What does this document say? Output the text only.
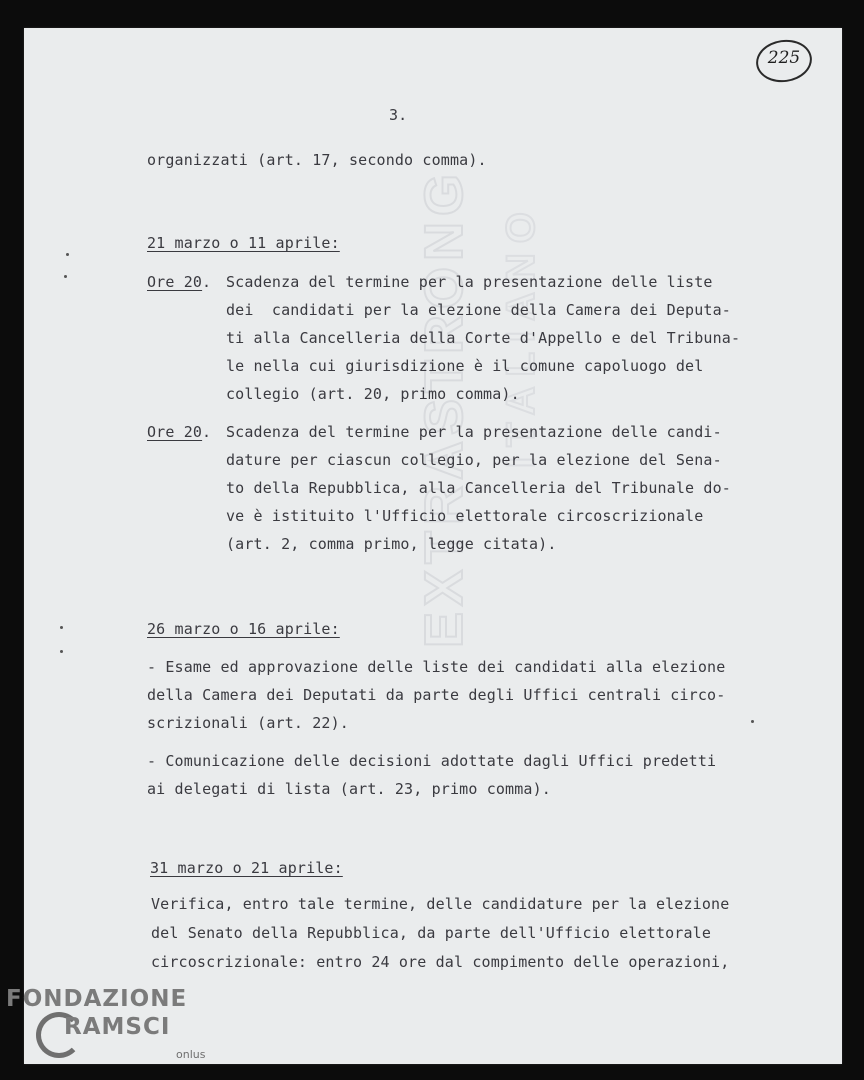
EXTRASTRONG ITALIANO
225
3.
organizzati (art. 17, secondo comma).
21 marzo o 11 aprile:
Ore 20 . Scadenza del termine per la presentazione delle liste
dei  candidati per la elezione della Camera dei Deputa-
ti alla Cancelleria della Corte d'Appello e del Tribuna-
le nella cui giurisdizione è il comune capoluogo del
collegio (art. 20, primo comma).
Ore 20 . Scadenza del termine per la presentazione delle candi-
dature per ciascun collegio, per la elezione del Sena-
to della Repubblica, alla Cancelleria del Tribunale do-
ve è istituito l'Ufficio elettorale circoscrizionale
(art. 2, comma primo, legge citata).
26 marzo o 16 aprile:
- Esame ed approvazione delle liste dei candidati alla elezione
della Camera dei Deputati da parte degli Uffici centrali circo-
scrizionali (art. 22).
- Comunicazione delle decisioni adottate dagli Uffici predetti
ai delegati di lista (art. 23, primo comma).
31 marzo o 21 aprile:
Verifica, entro tale termine, delle candidature per la elezione
del Senato della Repubblica, da parte dell'Ufficio elettorale
circoscrizionale: entro 24 ore dal compimento delle operazioni,
FONDAZIONE
RAMSCI
onlus
